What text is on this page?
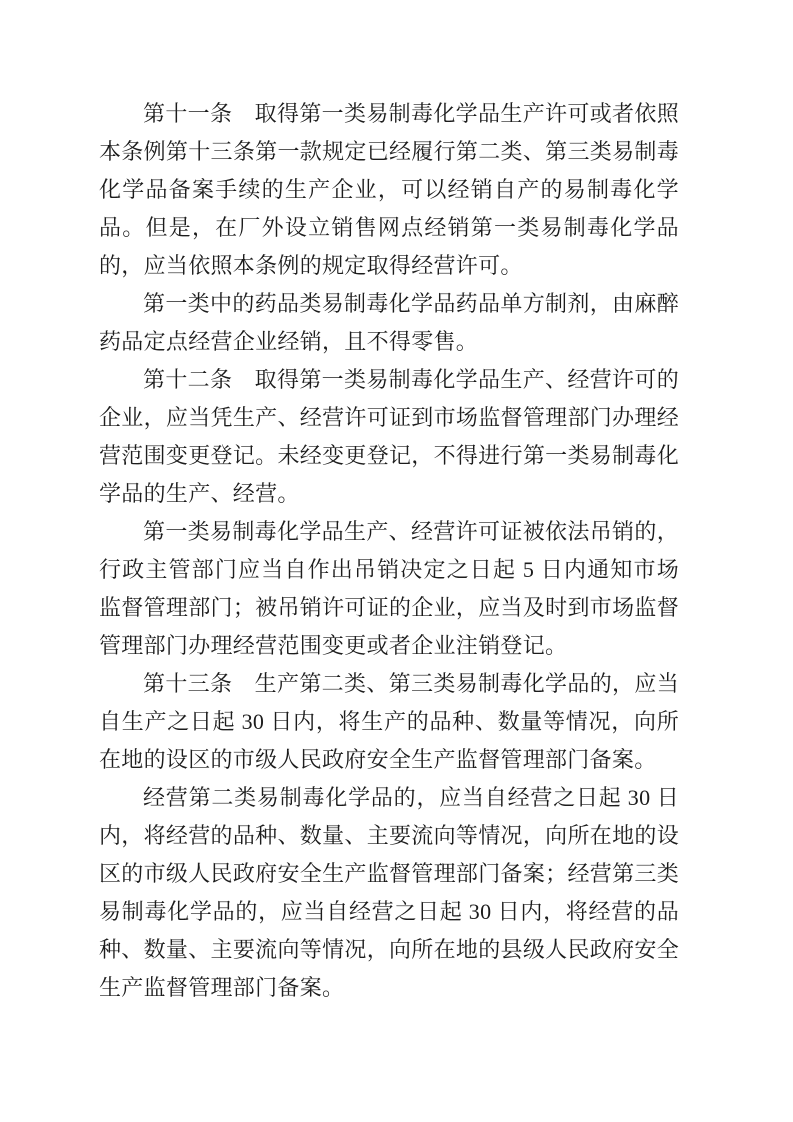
第十一条　取得第一类易制毒化学品生产许可或者依照本条例第十三条第一款规定已经履行第二类、第三类易制毒化学品备案手续的生产企业，可以经销自产的易制毒化学品。但是，在厂外设立销售网点经销第一类易制毒化学品的，应当依照本条例的规定取得经营许可。

第一类中的药品类易制毒化学品药品单方制剂，由麻醉药品定点经营企业经销，且不得零售。

第十二条　取得第一类易制毒化学品生产、经营许可的企业，应当凭生产、经营许可证到市场监督管理部门办理经营范围变更登记。未经变更登记，不得进行第一类易制毒化学品的生产、经营。

第一类易制毒化学品生产、经营许可证被依法吊销的，行政主管部门应当自作出吊销决定之日起 5 日内通知市场监督管理部门；被吊销许可证的企业，应当及时到市场监督管理部门办理经营范围变更或者企业注销登记。

第十三条　生产第二类、第三类易制毒化学品的，应当自生产之日起 30 日内，将生产的品种、数量等情况，向所在地的设区的市级人民政府安全生产监督管理部门备案。

经营第二类易制毒化学品的，应当自经营之日起 30 日内，将经营的品种、数量、主要流向等情况，向所在地的设区的市级人民政府安全生产监督管理部门备案；经营第三类易制毒化学品的，应当自经营之日起 30 日内，将经营的品种、数量、主要流向等情况，向所在地的县级人民政府安全生产监督管理部门备案。
